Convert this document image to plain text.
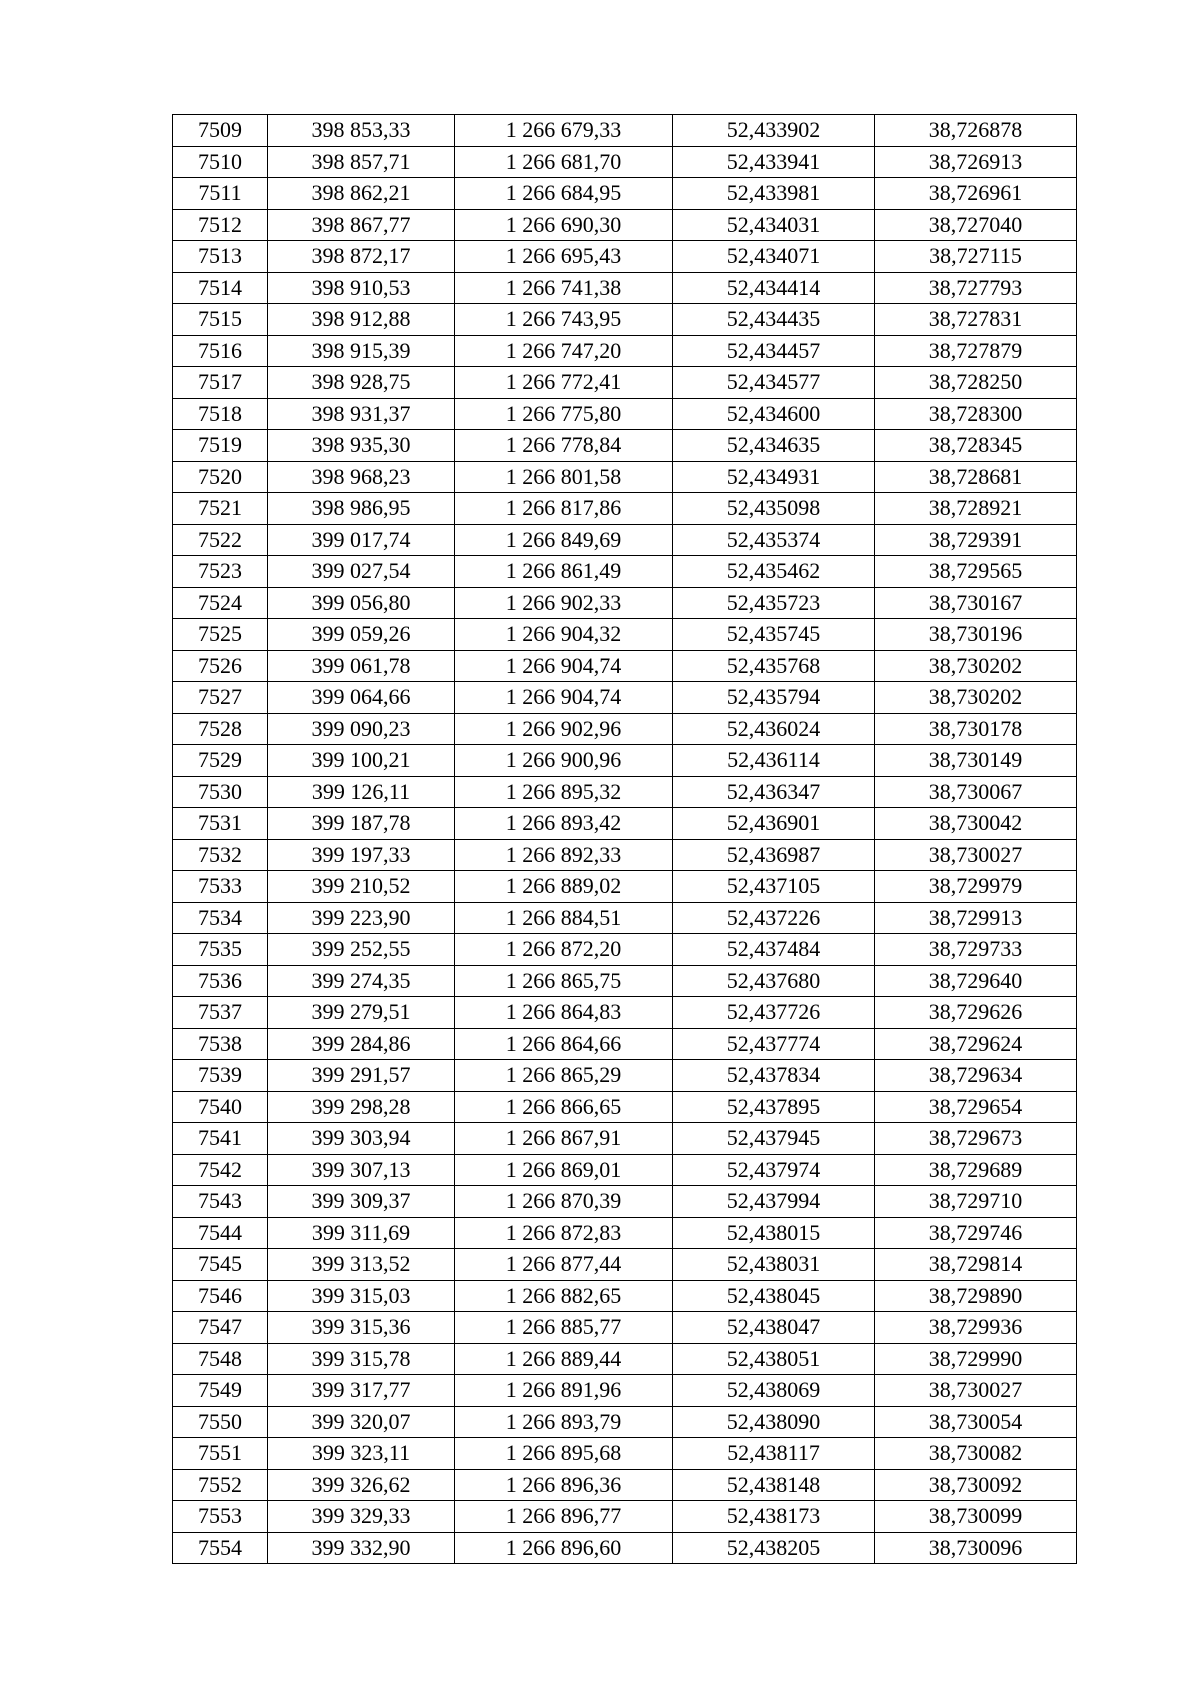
7509	398 853,33	1 266 679,33	52,433902	38,726878
7510	398 857,71	1 266 681,70	52,433941	38,726913
7511	398 862,21	1 266 684,95	52,433981	38,726961
7512	398 867,77	1 266 690,30	52,434031	38,727040
7513	398 872,17	1 266 695,43	52,434071	38,727115
7514	398 910,53	1 266 741,38	52,434414	38,727793
7515	398 912,88	1 266 743,95	52,434435	38,727831
7516	398 915,39	1 266 747,20	52,434457	38,727879
7517	398 928,75	1 266 772,41	52,434577	38,728250
7518	398 931,37	1 266 775,80	52,434600	38,728300
7519	398 935,30	1 266 778,84	52,434635	38,728345
7520	398 968,23	1 266 801,58	52,434931	38,728681
7521	398 986,95	1 266 817,86	52,435098	38,728921
7522	399 017,74	1 266 849,69	52,435374	38,729391
7523	399 027,54	1 266 861,49	52,435462	38,729565
7524	399 056,80	1 266 902,33	52,435723	38,730167
7525	399 059,26	1 266 904,32	52,435745	38,730196
7526	399 061,78	1 266 904,74	52,435768	38,730202
7527	399 064,66	1 266 904,74	52,435794	38,730202
7528	399 090,23	1 266 902,96	52,436024	38,730178
7529	399 100,21	1 266 900,96	52,436114	38,730149
7530	399 126,11	1 266 895,32	52,436347	38,730067
7531	399 187,78	1 266 893,42	52,436901	38,730042
7532	399 197,33	1 266 892,33	52,436987	38,730027
7533	399 210,52	1 266 889,02	52,437105	38,729979
7534	399 223,90	1 266 884,51	52,437226	38,729913
7535	399 252,55	1 266 872,20	52,437484	38,729733
7536	399 274,35	1 266 865,75	52,437680	38,729640
7537	399 279,51	1 266 864,83	52,437726	38,729626
7538	399 284,86	1 266 864,66	52,437774	38,729624
7539	399 291,57	1 266 865,29	52,437834	38,729634
7540	399 298,28	1 266 866,65	52,437895	38,729654
7541	399 303,94	1 266 867,91	52,437945	38,729673
7542	399 307,13	1 266 869,01	52,437974	38,729689
7543	399 309,37	1 266 870,39	52,437994	38,729710
7544	399 311,69	1 266 872,83	52,438015	38,729746
7545	399 313,52	1 266 877,44	52,438031	38,729814
7546	399 315,03	1 266 882,65	52,438045	38,729890
7547	399 315,36	1 266 885,77	52,438047	38,729936
7548	399 315,78	1 266 889,44	52,438051	38,729990
7549	399 317,77	1 266 891,96	52,438069	38,730027
7550	399 320,07	1 266 893,79	52,438090	38,730054
7551	399 323,11	1 266 895,68	52,438117	38,730082
7552	399 326,62	1 266 896,36	52,438148	38,730092
7553	399 329,33	1 266 896,77	52,438173	38,730099
7554	399 332,90	1 266 896,60	52,438205	38,730096
